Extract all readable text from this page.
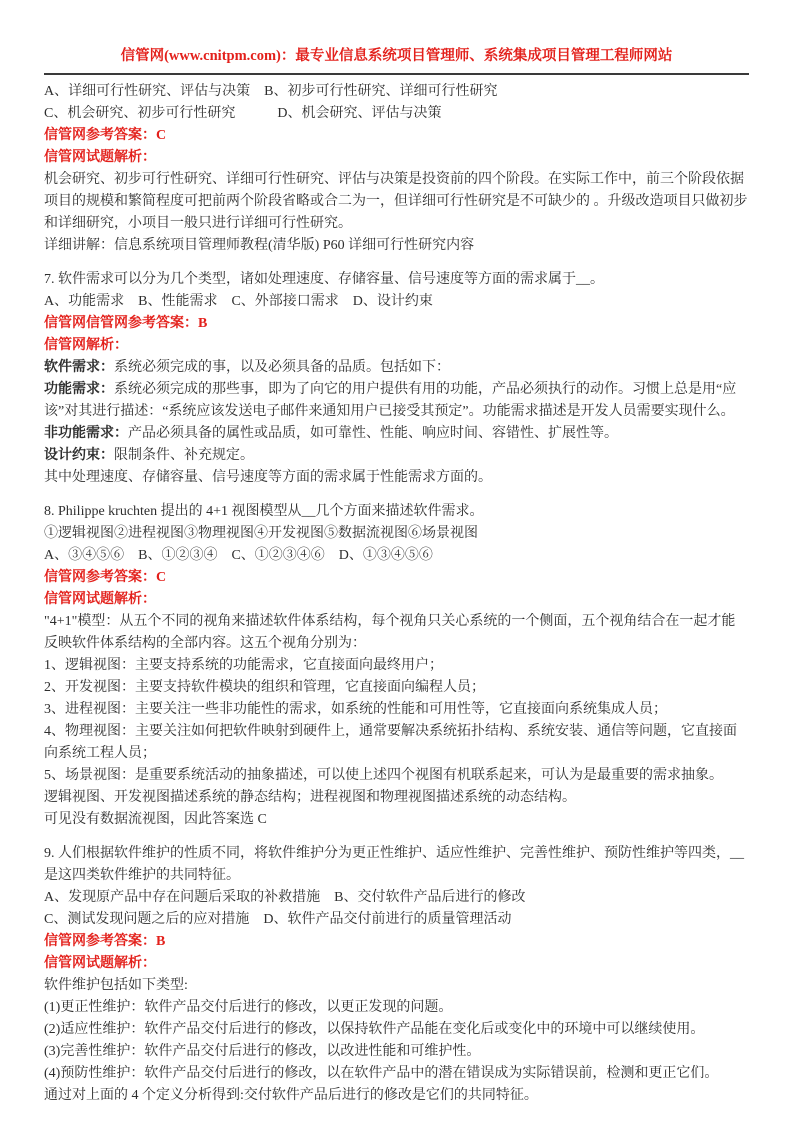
信管网(www.cnitpm.com)：最专业信息系统项目管理师、系统集成项目管理工程师网站

A、详细可行性研究、评估与决策　B、初步可行性研究、详细可行性研究

C、机会研究、初步可行性研究　　　D、机会研究、评估与决策

信管网参考答案：C

信管网试题解析：

机会研究、初步可行性研究、详细可行性研究、评估与决策是投资前的四个阶段。在实际工作中，前三个阶段依据项目的规模和繁简程度可把前两个阶段省略或合二为一，但详细可行性研究是不可缺少的 。升级改造项目只做初步和详细研究，小项目一般只进行详细可行性研究。

详细讲解：信息系统项目管理师教程(清华版) P60 详细可行性研究内容

7. 软件需求可以分为几个类型，诸如处理速度、存储容量、信号速度等方面的需求属于__。

A、功能需求　B、性能需求　C、外部接口需求　D、设计约束

信管网信管网参考答案：B

信管网解析：

软件需求：系统必须完成的事，以及必须具备的品质。包括如下：

功能需求：系统必须完成的那些事，即为了向它的用户提供有用的功能，产品必须执行的动作。习惯上总是用“应该”对其进行描述：“系统应该发送电子邮件来通知用户已接受其预定”。功能需求描述是开发人员需要实现什么。

非功能需求：产品必须具备的属性或品质，如可靠性、性能、响应时间、容错性、扩展性等。

设计约束：限制条件、补充规定。

其中处理速度、存储容量、信号速度等方面的需求属于性能需求方面的。

8. Philippe kruchten 提出的 4+1 视图模型从__几个方面来描述软件需求。

①逻辑视图②进程视图③物理视图④开发视图⑤数据流视图⑥场景视图

A、③④⑤⑥　B、①②③④　C、①②③④⑥　D、①③④⑤⑥

信管网参考答案：C

信管网试题解析：

"4+1"模型：从五个不同的视角来描述软件体系结构，每个视角只关心系统的一个侧面，五个视角结合在一起才能反映软件体系结构的全部内容。这五个视角分别为：

1、逻辑视图：主要支持系统的功能需求，它直接面向最终用户；

2、开发视图：主要支持软件模块的组织和管理，它直接面向编程人员；

3、进程视图：主要关注一些非功能性的需求，如系统的性能和可用性等，它直接面向系统集成人员；

4、物理视图：主要关注如何把软件映射到硬件上，通常要解决系统拓扑结构、系统安装、通信等问题，它直接面向系统工程人员；

5、场景视图：是重要系统活动的抽象描述，可以使上述四个视图有机联系起来，可认为是最重要的需求抽象。

逻辑视图、开发视图描述系统的静态结构；进程视图和物理视图描述系统的动态结构。

可见没有数据流视图，因此答案选 C

9. 人们根据软件维护的性质不同，将软件维护分为更正性维护、适应性维护、完善性维护、预防性维护等四类，__是这四类软件维护的共同特征。

A、发现原产品中存在问题后采取的补救措施　B、交付软件产品后进行的修改

C、测试发现问题之后的应对措施　D、软件产品交付前进行的质量管理活动

信管网参考答案：B

信管网试题解析：

软件维护包括如下类型:

(1)更正性维护：软件产品交付后进行的修改，以更正发现的问题。

(2)适应性维护：软件产品交付后进行的修改，以保持软件产品能在变化后或变化中的环境中可以继续使用。

(3)完善性维护：软件产品交付后进行的修改，以改进性能和可维护性。

(4)预防性维护：软件产品交付后进行的修改，以在软件产品中的潜在错误成为实际错误前，检测和更正它们。

通过对上面的 4 个定义分析得到:交付软件产品后进行的修改是它们的共同特征。
